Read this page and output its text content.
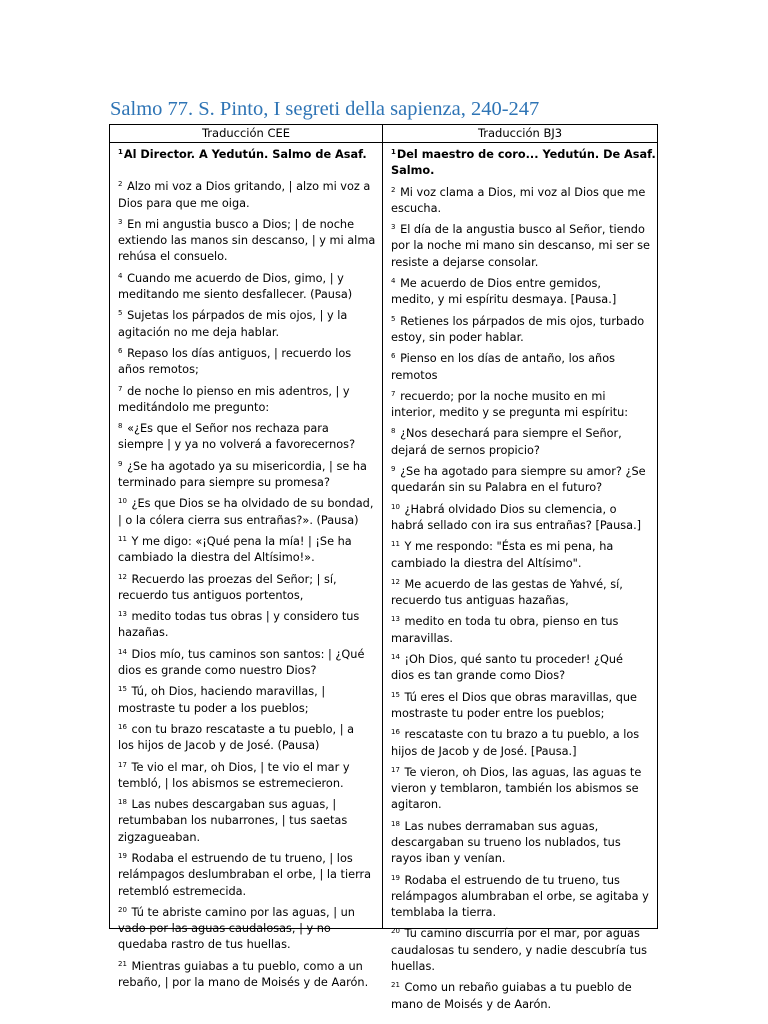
Salmo 77. S. Pinto, I segreti della sapienza, 240-247
Traducción CEE	Traducción BJ3

$^1$Al Director. A Yedutún. Salmo de Asaf.

$^2$ Alzo mi voz a Dios gritando, | alzo mi voz a
Dios para que me oiga.

$^3$ En mi angustia busco a Dios; | de noche
extiendo las manos sin descanso, | y mi alma
rehúsa el consuelo.

$^4$ Cuando me acuerdo de Dios, gimo, | y
meditando me siento desfallecer. (Pausa)

$^5$ Sujetas los párpados de mis ojos, | y la
agitación no me deja hablar.

$^6$ Repaso los días antiguos, | recuerdo los
años remotos;

$^7$ de noche lo pienso en mis adentros, | y
meditándolo me pregunto:

$^8$ «¿Es que el Señor nos rechaza para
siempre | y ya no volverá a favorecernos?

$^9$ ¿Se ha agotado ya su misericordia, | se ha
terminado para siempre su promesa?

$^{10}$ ¿Es que Dios se ha olvidado de su bondad,
| o la cólera cierra sus entrañas?». (Pausa)

$^{11}$ Y me digo: «¡Qué pena la mía! | ¡Se ha
cambiado la diestra del Altísimo!».

$^{12}$ Recuerdo las proezas del Señor; | sí,
recuerdo tus antiguos portentos,

$^{13}$ medito todas tus obras | y considero tus
hazañas.

$^{14}$ Dios mío, tus caminos son santos: | ¿Qué
dios es grande como nuestro Dios?

$^{15}$ Tú, oh Dios, haciendo maravillas, |
mostraste tu poder a los pueblos;

$^{16}$ con tu brazo rescataste a tu pueblo, | a
los hijos de Jacob y de José. (Pausa)

$^{17}$ Te vio el mar, oh Dios, | te vio el mar y
tembló, | los abismos se estremecieron.

$^{18}$ Las nubes descargaban sus aguas, |
retumbaban los nubarrones, | tus saetas
zigzagueaban.

$^{19}$ Rodaba el estruendo de tu trueno, | los
relámpagos deslumbraban el orbe, | la tierra
retembló estremecida.

$^{20}$ Tú te abriste camino por las aguas, | un
vado por las aguas caudalosas, | y no
quedaba rastro de tus huellas.

$^{21}$ Mientras guiabas a tu pueblo, como a un
rebaño, | por la mano de Moisés y de Aarón.

$^1$Del maestro de coro... Yedutún. De Asaf.
Salmo.

$^2$ Mi voz clama a Dios, mi voz al Dios que me
escucha.

$^3$ El día de la angustia busco al Señor, tiendo
por la noche mi mano sin descanso, mi ser se
resiste a dejarse consolar.

$^4$ Me acuerdo de Dios entre gemidos,
medito, y mi espíritu desmaya. [Pausa.]

$^5$ Retienes los párpados de mis ojos, turbado
estoy, sin poder hablar.

$^6$ Pienso en los días de antaño, los años
remotos

$^7$ recuerdo; por la noche musito en mi
interior, medito y se pregunta mi espíritu:

$^8$ ¿Nos desechará para siempre el Señor,
dejará de sernos propicio?

$^9$ ¿Se ha agotado para siempre su amor? ¿Se
quedarán sin su Palabra en el futuro?

$^{10}$ ¿Habrá olvidado Dios su clemencia, o
habrá sellado con ira sus entrañas? [Pausa.]

$^{11}$ Y me respondo: "Ésta es mi pena, ha
cambiado la diestra del Altísimo".

$^{12}$ Me acuerdo de las gestas de Yahvé, sí,
recuerdo tus antiguas hazañas,

$^{13}$ medito en toda tu obra, pienso en tus
maravillas.

$^{14}$ ¡Oh Dios, qué santo tu proceder! ¿Qué
dios es tan grande como Dios?

$^{15}$ Tú eres el Dios que obras maravillas, que
mostraste tu poder entre los pueblos;

$^{16}$ rescataste con tu brazo a tu pueblo, a los
hijos de Jacob y de José. [Pausa.]

$^{17}$ Te vieron, oh Dios, las aguas, las aguas te
vieron y temblaron, también los abismos se
agitaron.

$^{18}$ Las nubes derramaban sus aguas,
descargaban su trueno los nublados, tus
rayos iban y venían.

$^{19}$ Rodaba el estruendo de tu trueno, tus
relámpagos alumbraban el orbe, se agitaba y
temblaba la tierra.

$^{20}$ Tu camino discurría por el mar, por aguas
caudalosas tu sendero, y nadie descubría tus
huellas.

$^{21}$ Como un rebaño guiabas a tu pueblo de
mano de Moisés y de Aarón.
